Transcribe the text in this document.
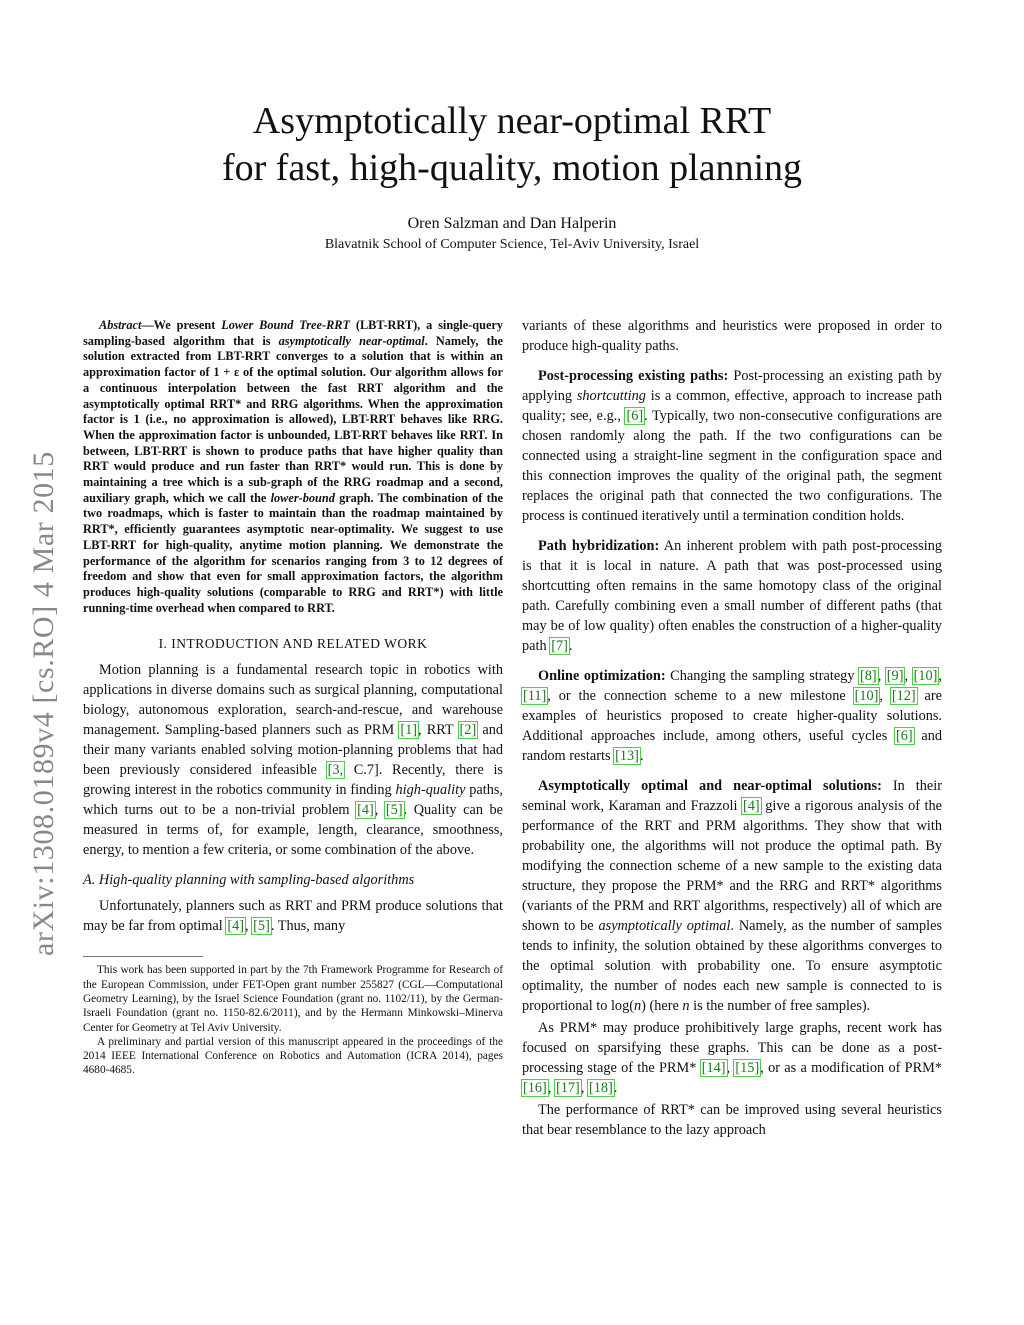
Asymptotically near-optimal RRT
for fast, high-quality, motion planning
Oren Salzman and Dan Halperin
Blavatnik School of Computer Science, Tel-Aviv University, Israel
arXiv:1308.0189v4 [cs.RO] 4 Mar 2015

Abstract—We present Lower Bound Tree-RRT (LBT-RRT), a single-query sampling-based algorithm that is asymptotically near-optimal. Namely, the solution extracted from LBT-RRT converges to a solution that is within an approximation factor of 1 + ε of the optimal solution. Our algorithm allows for a continuous interpolation between the fast RRT algorithm and the asymptotically optimal RRT* and RRG algorithms. When the approximation factor is 1 (i.e., no approximation is allowed), LBT-RRT behaves like RRG. When the approximation factor is unbounded, LBT-RRT behaves like RRT. In between, LBT-RRT is shown to produce paths that have higher quality than RRT would produce and run faster than RRT* would run. This is done by maintaining a tree which is a sub-graph of the RRG roadmap and a second, auxiliary graph, which we call the lower-bound graph. The combination of the two roadmaps, which is faster to maintain than the roadmap maintained by RRT*, efficiently guarantees asymptotic near-optimality. We suggest to use LBT-RRT for high-quality, anytime motion planning. We demonstrate the performance of the algorithm for scenarios ranging from 3 to 12 degrees of freedom and show that even for small approximation factors, the algorithm produces high-quality solutions (comparable to RRG and RRT*) with little running-time overhead when compared to RRT.

I. INTRODUCTION AND RELATED WORK

Motion planning is a fundamental research topic in robotics with applications in diverse domains such as surgical planning, computational biology, autonomous exploration, search-and-rescue, and warehouse management. Sampling-based planners such as PRM [1], RRT [2] and their many variants enabled solving motion-planning problems that had been previously considered infeasible [3, C.7]. Recently, there is growing interest in the robotics community in finding high-quality paths, which turns out to be a non-trivial problem [4], [5]. Quality can be measured in terms of, for example, length, clearance, smoothness, energy, to mention a few criteria, or some combination of the above.

A. High-quality planning with sampling-based algorithms

Unfortunately, planners such as RRT and PRM produce solutions that may be far from optimal [4], [5]. Thus, many

This work has been supported in part by the 7th Framework Programme for Research of the European Commission, under FET-Open grant number 255827 (CGL—Computational Geometry Learning), by the Israel Science Foundation (grant no. 1102/11), by the German-Israeli Foundation (grant no. 1150-82.6/2011), and by the Hermann Minkowski–Minerva Center for Geometry at Tel Aviv University.

A preliminary and partial version of this manuscript appeared in the proceedings of the 2014 IEEE International Conference on Robotics and Automation (ICRA 2014), pages 4680-4685.

variants of these algorithms and heuristics were proposed in order to produce high-quality paths.

Post-processing existing paths: Post-processing an existing path by applying shortcutting is a common, effective, approach to increase path quality; see, e.g., [6]. Typically, two non-consecutive configurations are chosen randomly along the path. If the two configurations can be connected using a straight-line segment in the configuration space and this connection improves the quality of the original path, the segment replaces the original path that connected the two configurations. The process is continued iteratively until a termination condition holds.

Path hybridization: An inherent problem with path post-processing is that it is local in nature. A path that was post-processed using shortcutting often remains in the same homotopy class of the original path. Carefully combining even a small number of different paths (that may be of low quality) often enables the construction of a higher-quality path [7].

Online optimization: Changing the sampling strategy [8], [9], [10], [11], or the connection scheme to a new milestone [10], [12] are examples of heuristics proposed to create higher-quality solutions. Additional approaches include, among others, useful cycles [6] and random restarts [13].

Asymptotically optimal and near-optimal solutions: In their seminal work, Karaman and Frazzoli [4] give a rigorous analysis of the performance of the RRT and PRM algorithms. They show that with probability one, the algorithms will not produce the optimal path. By modifying the connection scheme of a new sample to the existing data structure, they propose the PRM* and the RRG and RRT* algorithms (variants of the PRM and RRT algorithms, respectively) all of which are shown to be asymptotically optimal. Namely, as the number of samples tends to infinity, the solution obtained by these algorithms converges to the optimal solution with probability one. To ensure asymptotic optimality, the number of nodes each new sample is connected to is proportional to log(n) (here n is the number of free samples).

As PRM* may produce prohibitively large graphs, recent work has focused on sparsifying these graphs. This can be done as a post-processing stage of the PRM* [14], [15], or as a modification of PRM* [16], [17], [18].

The performance of RRT* can be improved using several heuristics that bear resemblance to the lazy approach
